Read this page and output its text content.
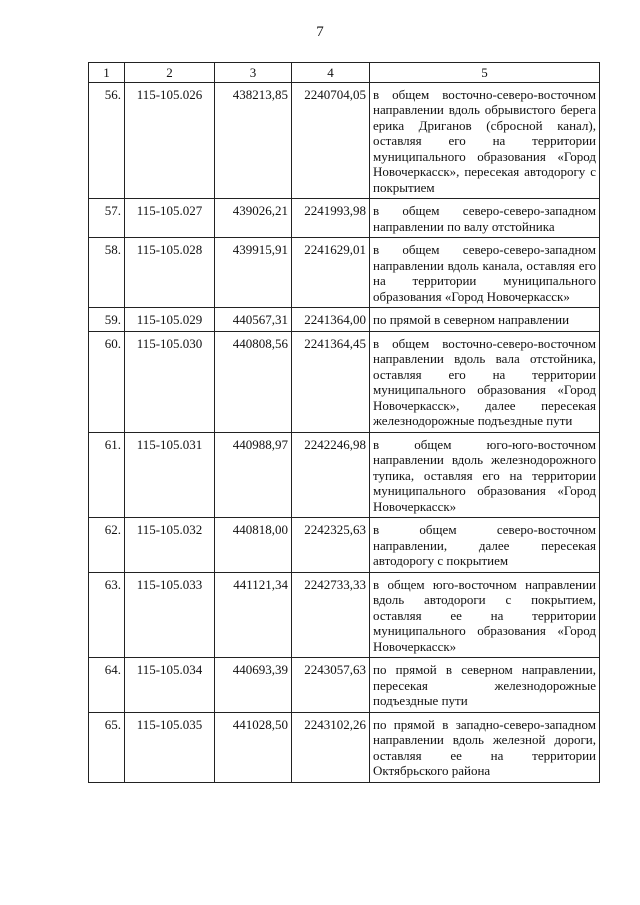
7
1	2	3	4	5
56.	115-105.026	438213,85	2240704,05	в общем восточно-северо-восточном направлении вдоль обрывистого берега ерика Дриганов (сбросной канал), оставляя его на территории муниципального образования «Город Новочеркасск», пересекая автодорогу с покрытием
57.	115-105.027	439026,21	2241993,98	в общем северо-северо-западном направлении по валу отстойника
58.	115-105.028	439915,91	2241629,01	в общем северо-северо-западном направлении вдоль канала, оставляя его на территории муниципального образования «Город Новочеркасск»
59.	115-105.029	440567,31	2241364,00	по прямой в северном направлении
60.	115-105.030	440808,56	2241364,45	в общем восточно-северо-восточном направлении вдоль вала отстойника, оставляя его на территории муниципального образования «Город Новочеркасск», далее пересекая железнодорожные подъездные пути
61.	115-105.031	440988,97	2242246,98	в общем юго-юго-восточном направлении вдоль железнодорожного тупика, оставляя его на территории муниципального образования «Город Новочеркасск»
62.	115-105.032	440818,00	2242325,63	в общем северо-восточном направлении, далее пересекая автодорогу с покрытием
63.	115-105.033	441121,34	2242733,33	в общем юго-восточном направлении вдоль автодороги с покрытием, оставляя ее на территории муниципального образования «Город Новочеркасск»
64.	115-105.034	440693,39	2243057,63	по прямой в северном направлении, пересекая железнодорожные подъездные пути
65.	115-105.035	441028,50	2243102,26	по прямой в западно-северо-западном направлении вдоль железной дороги, оставляя ее на территории Октябрьского района
